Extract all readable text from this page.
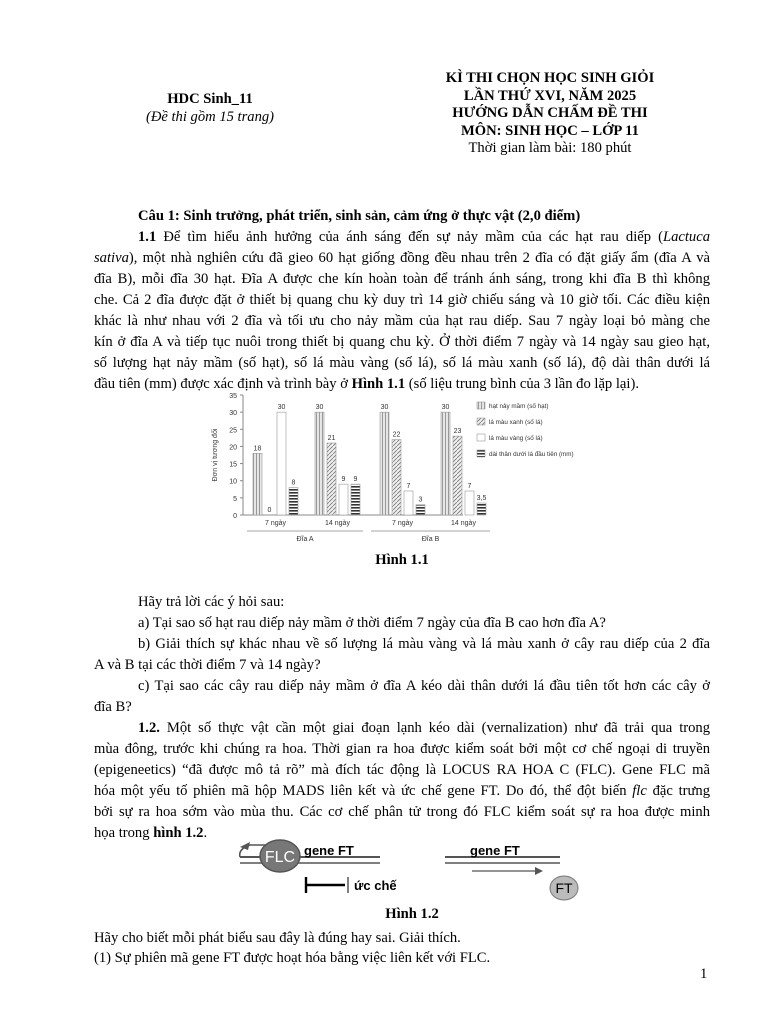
HDC Sinh_11
(Đề thi gồm 15 trang)
KÌ THI CHỌN HỌC SINH GIỎI
LẦN THỨ XVI, NĂM 2025
HƯỚNG DẪN CHẤM ĐỀ THI
MÔN: SINH HỌC – LỚP 11
Thời gian làm bài: 180 phút
Câu 1: Sinh trưởng, phát triển, sinh sản, cảm ứng ở thực vật (2,0 điểm)
1.1 Để tìm hiểu ảnh hưởng của ánh sáng đến sự nảy mầm của các hạt rau diếp (Lactuca
sativa), một nhà nghiên cứu đã gieo 60 hạt giống đồng đều nhau trên 2 đĩa có đặt giấy ẩm (đĩa A và
đĩa B), mỗi đĩa 30 hạt. Đĩa A được che kín hoàn toàn để tránh ánh sáng, trong khi đĩa B thì không
che. Cả 2 đĩa được đặt ở thiết bị quang chu kỳ duy trì 14 giờ chiếu sáng và 10 giờ tối. Các điều kiện
khác là như nhau với 2 đĩa và tối ưu cho nảy mầm của hạt rau diếp. Sau 7 ngày loại bỏ màng che
kín ở đĩa A và tiếp tục nuôi trong thiết bị quang chu kỳ. Ở thời điểm 7 ngày và 14 ngày sau gieo hạt,
số lượng hạt nảy mầm (số hạt), số lá màu vàng (số lá), số lá màu xanh (số lá), độ dài thân dưới lá
đầu tiên (mm) được xác định và trình bày ở Hình 1.1 (số liệu trung bình của 3 lần đo lặp lại).
0
5
10
15
20
25
30
35
Đơn vị tương đối	18
0
30
8
7 ngày
30
21
9 9
14 ngày
30
22
7
3
7 ngày
30
23
7
3,5
14 ngày
Đĩa A	Đĩa B
hạt nảy mầm (số hạt)
lá màu xanh (số lá)
lá màu vàng (số lá)
dài thân dưới lá đầu tiên (mm)
Hình 1.1
Hãy trả lời các ý hỏi sau:
a) Tại sao số hạt rau diếp nảy mầm ở thời điểm 7 ngày của đĩa B cao hơn đĩa A?
b) Giải thích sự khác nhau về số lượng lá màu vàng và lá màu xanh ở cây rau diếp của 2 đĩa
A và B tại các thời điểm 7 và 14 ngày?
c) Tại sao các cây rau diếp nảy mầm ở đĩa A kéo dài thân dưới lá đầu tiên tốt hơn các cây ở
đĩa B?
1.2. Một số thực vật cần một giai đoạn lạnh kéo dài (vernalization) như đã trải qua trong
mùa đông, trước khi chúng ra hoa. Thời gian ra hoa được kiểm soát bởi một cơ chế ngoại di truyền
(epigeneetics) “đã được mô tả rõ” mà đích tác động là LOCUS RA HOA C (FLC). Gene FLC mã
hóa một yếu tố phiên mã hộp MADS liên kết và ức chế gene FT. Do đó, thể đột biến flc đặc trưng
bởi sự ra hoa sớm vào mùa thu. Các cơ chế phân tử trong đó FLC kiểm soát sự ra hoa được minh
họa trong hình 1.2.
FLC gene FT
ức chế
gene FT
FT
Hình 1.2
Hãy cho biết mỗi phát biểu sau đây là đúng hay sai. Giải thích.
(1) Sự phiên mã gene FT được hoạt hóa bằng việc liên kết với FLC.
1
